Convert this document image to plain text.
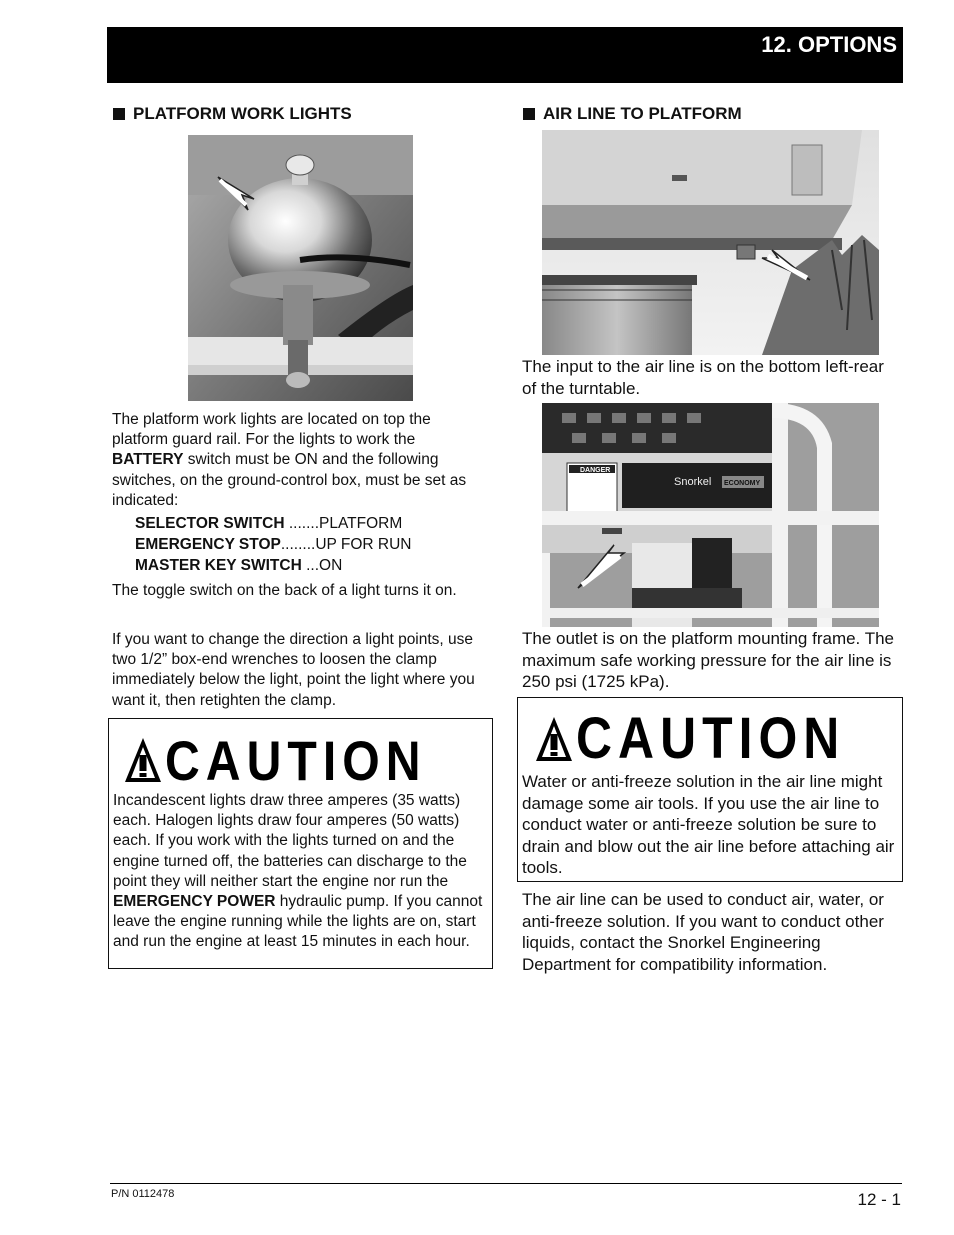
12. OPTIONS
PLATFORM WORK LIGHTS
The platform work lights are located on top the platform guard rail. For the lights to work the BATTERY switch must be ON and the following switches, on the ground-control box, must be set as indicated:
SELECTOR SWITCH .......PLATFORM
EMERGENCY STOP........UP FOR RUN
MASTER KEY SWITCH ...ON
The toggle switch on the back of a light turns it on.
If you want to change the direction a light points, use two 1/2” box-end wrenches to loosen the clamp immediately below the light, point the light where you want it, then retighten the clamp.
CAUTION
Incandescent lights draw three amperes (35 watts) each. Halogen lights draw four amperes (50 watts) each. If you work with the lights turned on and the engine turned off, the batteries can discharge to the point they will neither start the engine nor run the EMERGENCY POWER hydraulic pump. If you cannot leave the engine running while the lights are on, start and run the engine at least 15 minutes in each hour.
AIR LINE TO PLATFORM
The input to the air line is on the bottom left-rear of the turntable.
DANGER
Snorkel ECONOMY
The outlet is on the platform mounting frame. The maximum safe working pressure for the air line is 250 psi (1725 kPa).
CAUTION
Water or anti-freeze solution in the air line might damage some air tools. If you use the air line to conduct water or anti-freeze solution be sure to drain and blow out the air line before attaching air tools.
The air line can be used to conduct air, water, or anti-freeze solution. If you want to conduct other liquids, contact the Snorkel Engineering Department for compatibility information.
P/N 0112478	12 - 1
